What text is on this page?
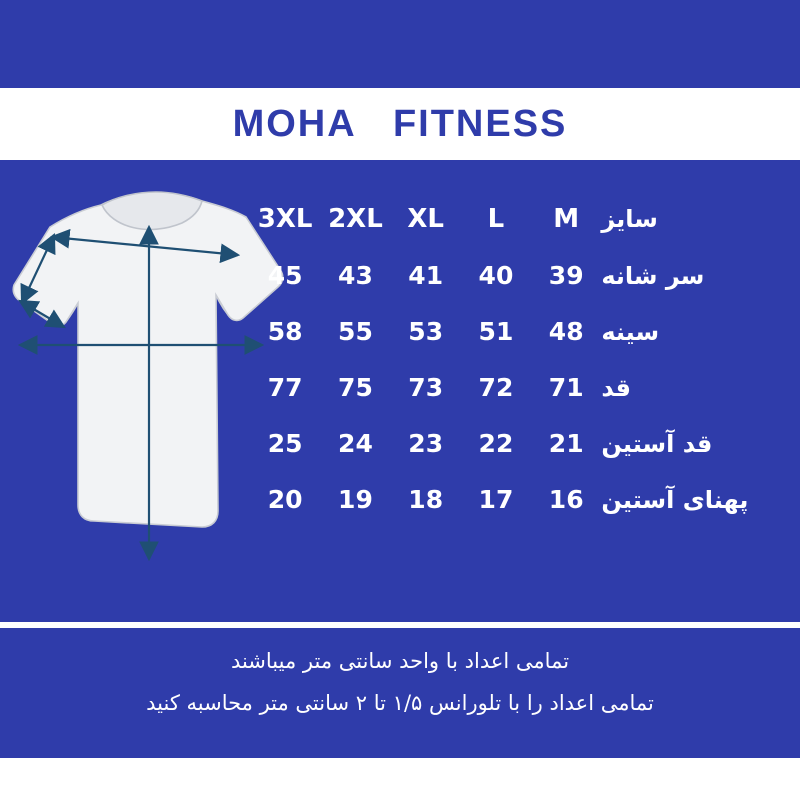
MOHA   FITNESS
سایز	M	L	XL	2XL	3XL
سر شانه	39	40	41	43	45
سینه	48	51	53	55	58
قد	71	72	73	75	77
قد آستین	21	22	23	24	25
پهنای آستین	16	17	18	19	20
تمامی اعداد با واحد سانتی متر میباشند
تمامی اعداد را با تلورانس ۱/۵ تا ۲ سانتی متر محاسبه کنید
